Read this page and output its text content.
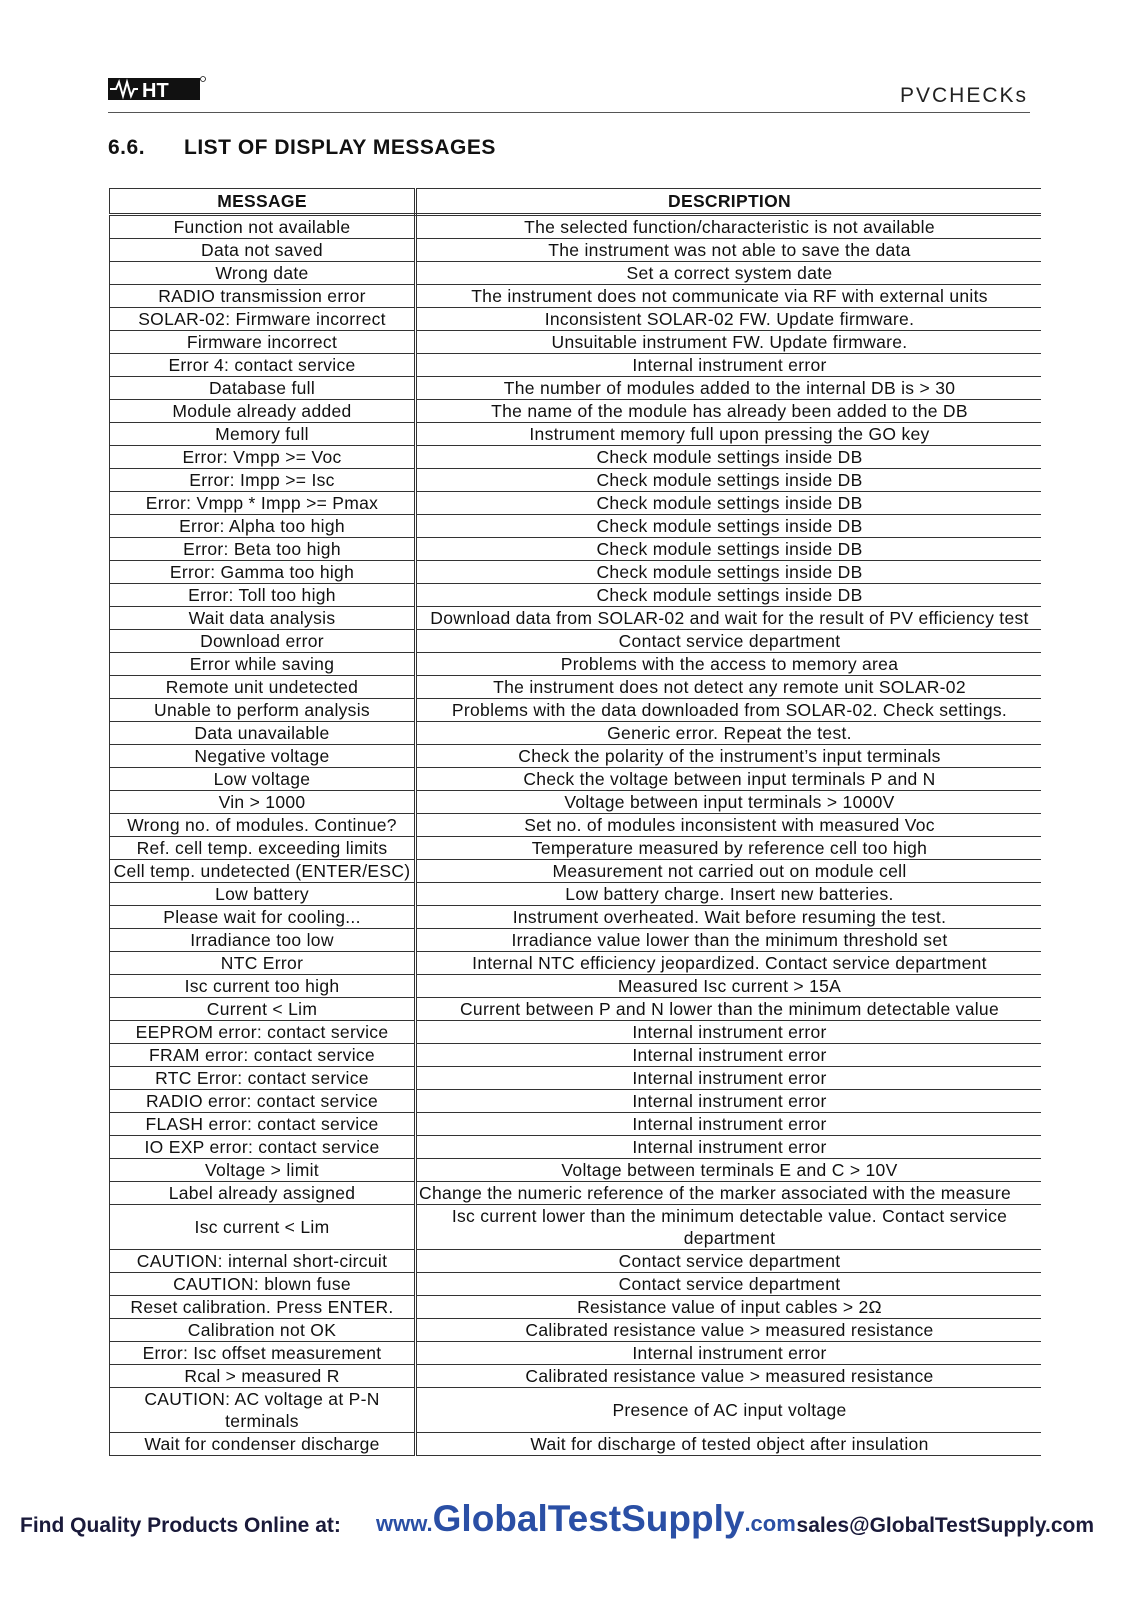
HT	PVCHECKs
6.6. LIST OF DISPLAY MESSAGES
MESSAGE	DESCRIPTION
Function not available	The selected function/characteristic is not available
Data not saved	The instrument was not able to save the data
Wrong date	Set a correct system date
RADIO transmission error	The instrument does not communicate via RF with external units
SOLAR-02: Firmware incorrect	Inconsistent SOLAR-02 FW. Update firmware.
Firmware incorrect	Unsuitable instrument FW. Update firmware.
Error 4: contact service	Internal instrument error
Database full	The number of modules added to the internal DB is > 30
Module already added	The name of the module has already been added to the DB
Memory full	Instrument memory full upon pressing the GO key
Error: Vmpp >= Voc	Check module settings inside DB
Error: Impp >= Isc	Check module settings inside DB
Error: Vmpp * Impp >= Pmax	Check module settings inside DB
Error: Alpha too high	Check module settings inside DB
Error: Beta too high	Check module settings inside DB
Error: Gamma too high	Check module settings inside DB
Error: Toll too high	Check module settings inside DB
Wait data analysis	Download data from SOLAR-02 and wait for the result of PV efficiency test
Download error	Contact service department
Error while saving	Problems with the access to memory area
Remote unit undetected	The instrument does not detect any remote unit SOLAR-02
Unable to perform analysis	Problems with the data downloaded from SOLAR-02. Check settings.
Data unavailable	Generic error. Repeat the test.
Negative voltage	Check the polarity of the instrument’s input terminals
Low voltage	Check the voltage between input terminals P and N
Vin > 1000	Voltage between input terminals > 1000V
Wrong no. of modules. Continue?	Set no. of modules inconsistent with measured Voc
Ref. cell temp. exceeding limits	Temperature measured by reference cell too high
Cell temp. undetected (ENTER/ESC)	Measurement not carried out on module cell
Low battery	Low battery charge. Insert new batteries.
Please wait for cooling...	Instrument overheated. Wait before resuming the test.
Irradiance too low	Irradiance value lower than the minimum threshold set
NTC Error	Internal NTC efficiency jeopardized. Contact service department
Isc current too high	Measured Isc current > 15A
Current < Lim	Current between P and N lower than the minimum detectable value
EEPROM error: contact service	Internal instrument error
FRAM error: contact service	Internal instrument error
RTC Error: contact service	Internal instrument error
RADIO error: contact service	Internal instrument error
FLASH error: contact service	Internal instrument error
IO EXP error: contact service	Internal instrument error
Voltage > limit	Voltage between terminals E and C > 10V
Label already assigned	Change the numeric reference of the marker associated with the measure
Isc current < Lim	Isc current lower than the minimum detectable value. Contact service department
CAUTION: internal short-circuit	Contact service department
CAUTION: blown fuse	Contact service department
Reset calibration. Press ENTER.	Resistance value of input cables > 2Ω
Calibration not OK	Calibrated resistance value > measured resistance
Error: Isc offset measurement	Internal instrument error
Rcal > measured R	Calibrated resistance value > measured resistance
CAUTION: AC voltage at P-N terminals	Presence of AC input voltage
Wait for condenser discharge	Wait for discharge of tested object after insulation
Find Quality Products Online at: www.GlobalTestSupply.com sales@GlobalTestSupply.com
